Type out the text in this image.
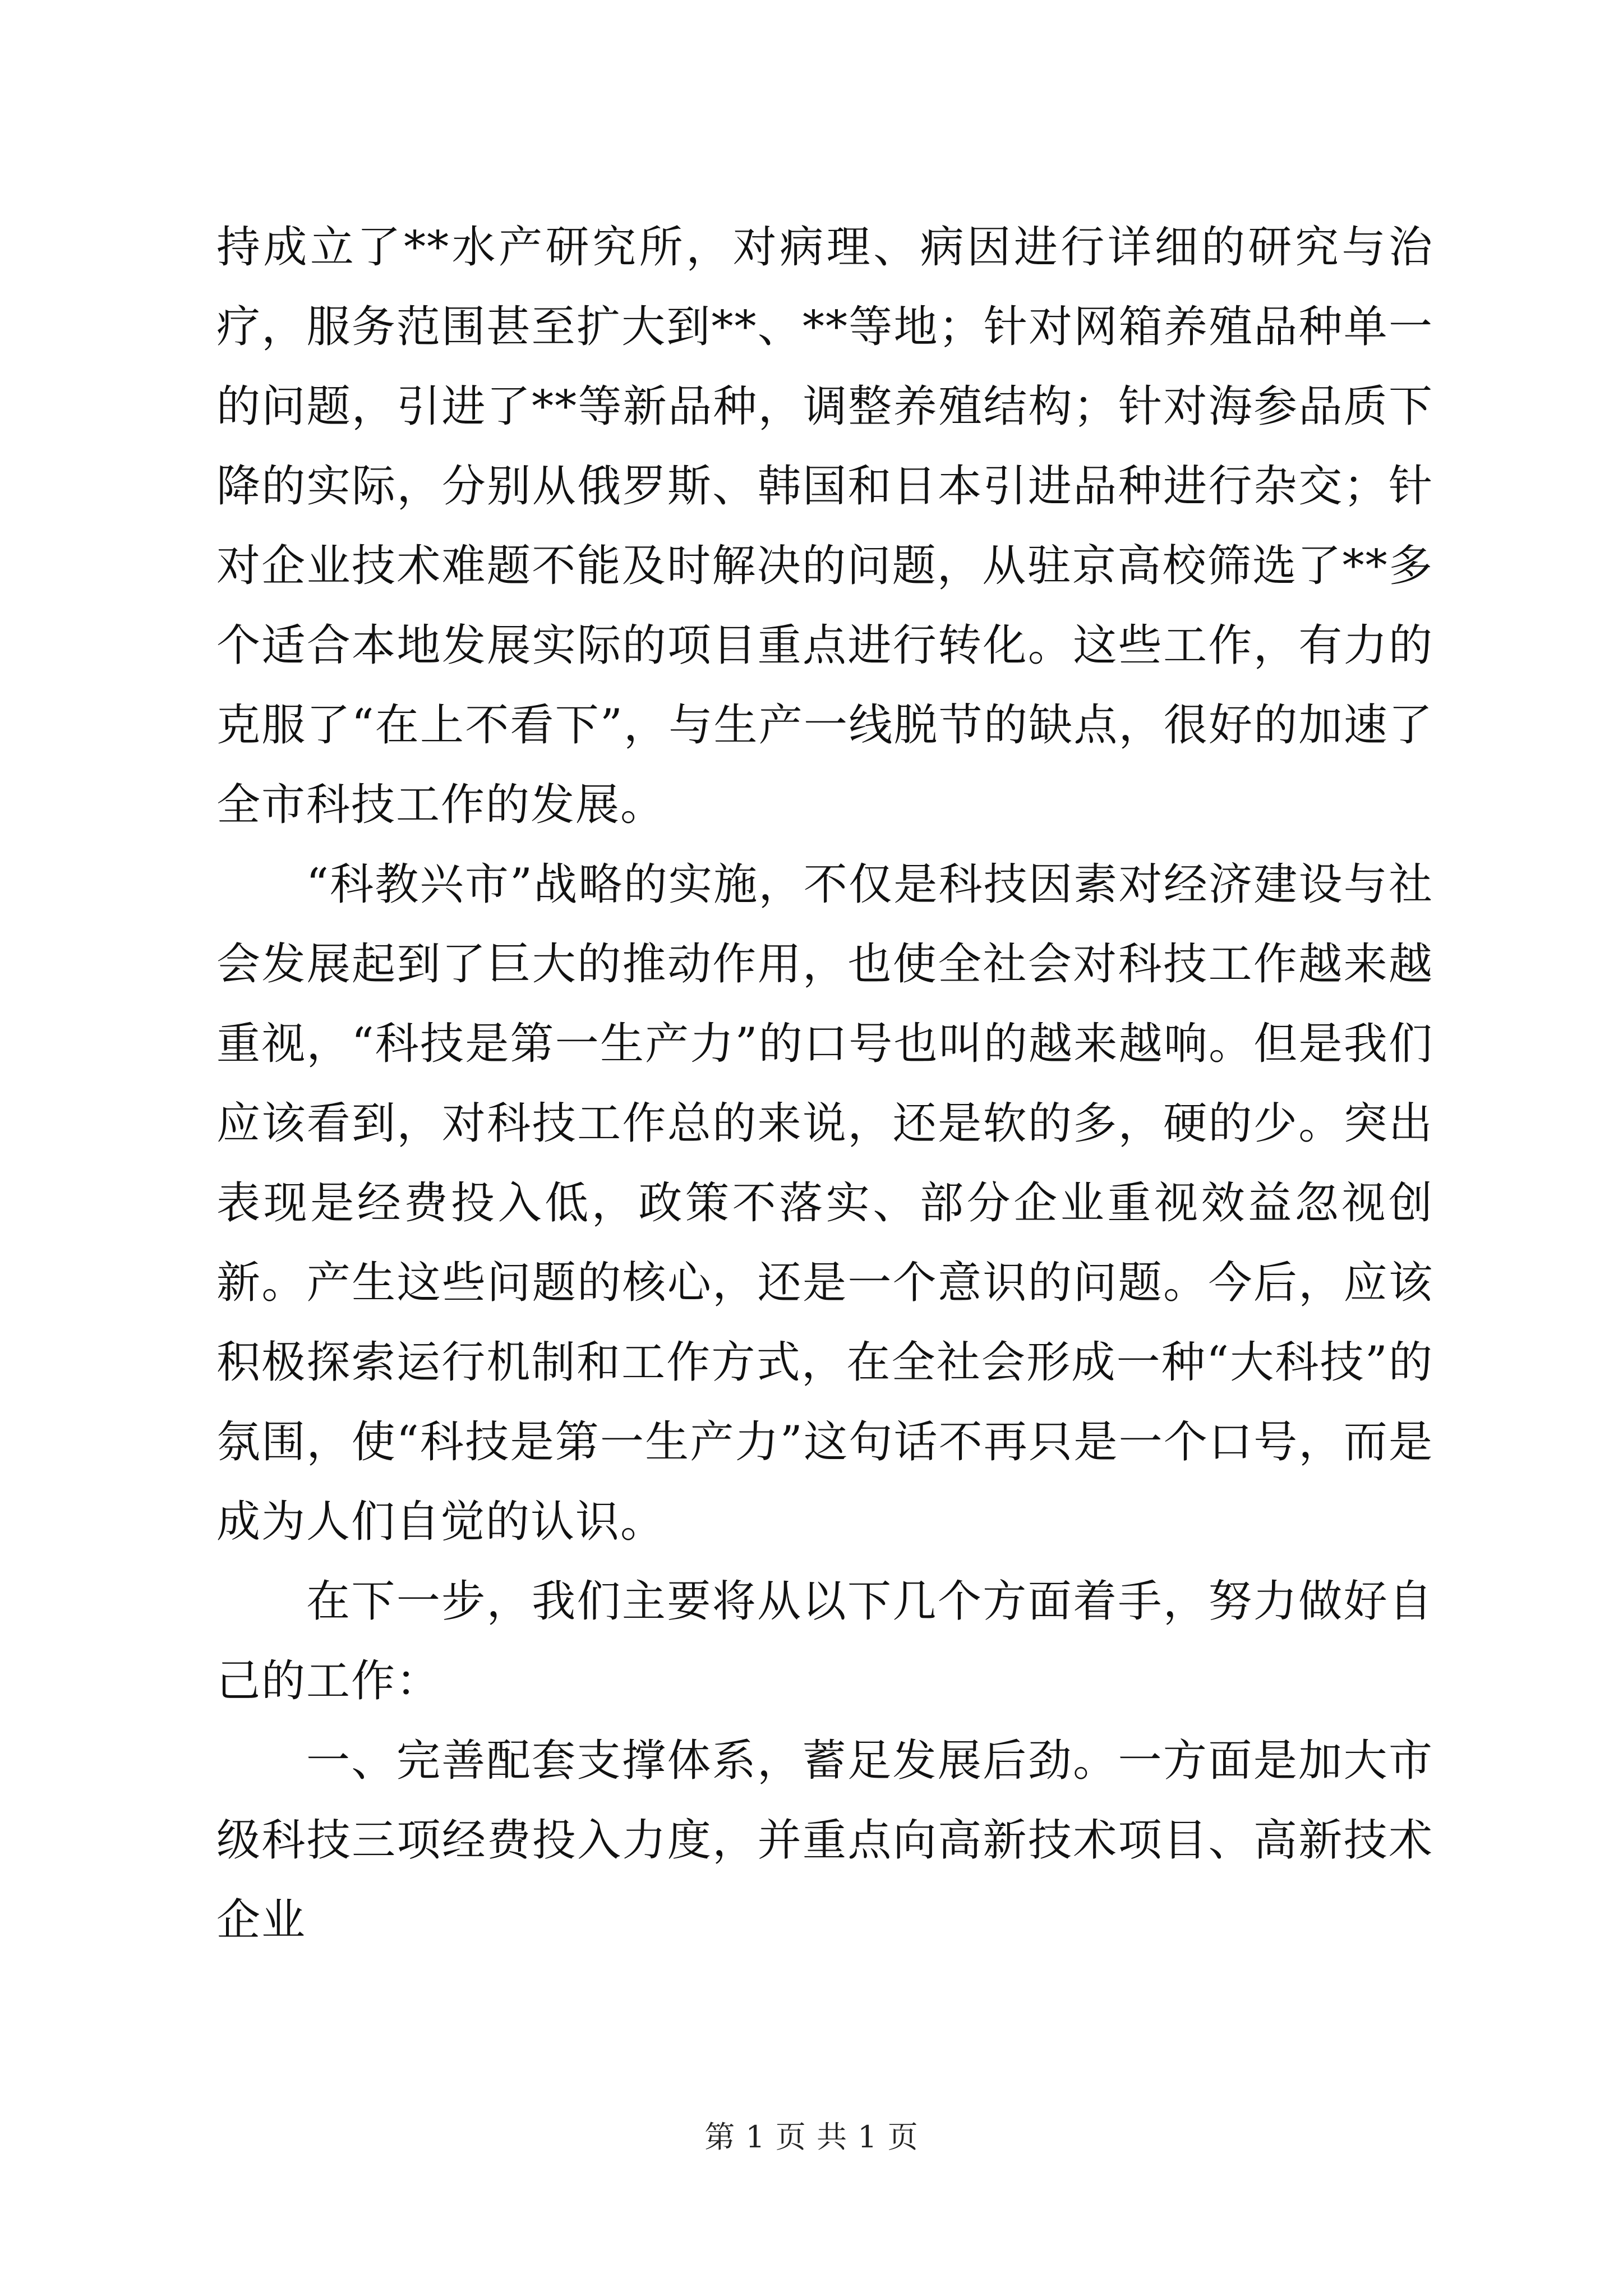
持成立了**水产研究所，对病理、病因进行详细的研究与治疗，服务范围甚至扩大到**、**等地；针对网箱养殖品种单一的问题，引进了**等新品种，调整养殖结构；针对海参品质下降的实际，分别从俄罗斯、韩国和日本引进品种进行杂交；针对企业技术难题不能及时解决的问题，从驻京高校筛选了**多个适合本地发展实际的项目重点进行转化。这些工作，有力的克服了“在上不看下”，与生产一线脱节的缺点，很好的加速了全市科技工作的发展。

“科教兴市”战略的实施，不仅是科技因素对经济建设与社会发展起到了巨大的推动作用，也使全社会对科技工作越来越重视，“科技是第一生产力”的口号也叫的越来越响。但是我们应该看到，对科技工作总的来说，还是软的多，硬的少。突出表现是经费投入低，政策不落实、部分企业重视效益忽视创新。产生这些问题的核心，还是一个意识的问题。今后，应该积极探索运行机制和工作方式，在全社会形成一种“大科技”的氛围，使“科技是第一生产力”这句话不再只是一个口号，而是成为人们自觉的认识。

在下一步，我们主要将从以下几个方面着手，努力做好自己的工作：

一、完善配套支撑体系，蓄足发展后劲。一方面是加大市级科技三项经费投入力度，并重点向高新技术项目、高新技术企业

第 1 页 共 1 页
